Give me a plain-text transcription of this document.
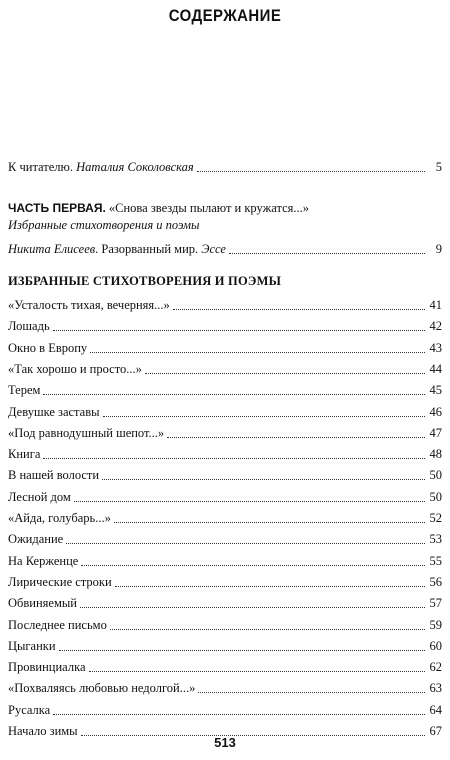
СОДЕРЖАНИЕ
К читателю. Наталия Соколовская	5
ЧАСТЬ ПЕРВАЯ. «Снова звезды пылают и кружатся...»
Избранные стихотворения и поэмы
Никита Елисеев. Разорванный мир. Эссе	9
ИЗБРАННЫЕ СТИХОТВОРЕНИЯ И ПОЭМЫ
«Усталость тихая, вечерняя...»	41
Лошадь	42
Окно в Европу	43
«Так хорошо и просто...»	44
Терем	45
Девушке заставы	46
«Под равнодушный шепот...»	47
Книга	48
В нашей волости	50
Лесной дом	50
«Айда, голубарь...»	52
Ожидание	53
На Керженце	55
Лирические строки	56
Обвиняемый	57
Последнее письмо	59
Цыганки	60
Провинциалка	62
«Похваляясь любовью недолгой...»	63
Русалка	64
Начало зимы	67
513
